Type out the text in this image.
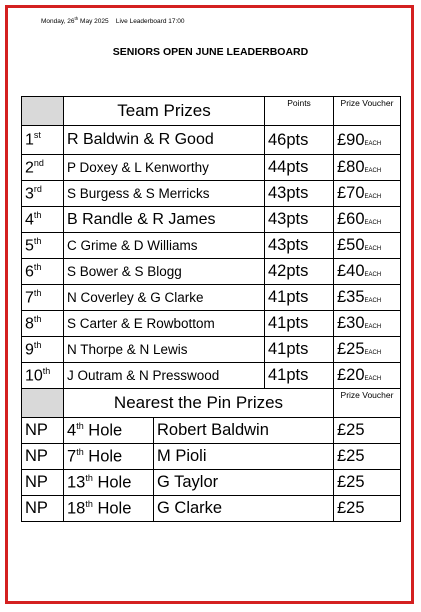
Monday, 26th May 2025 Live Leaderboard 17:00
SENIORS OPEN JUNE LEADERBOARD
	Team Prizes		Points	Prize Voucher
1st	R Baldwin & R Good		46pts	£90EACH
2nd	P Doxey & L Kenworthy		44pts	£80EACH
3rd	S Burgess & S Merricks		43pts	£70EACH
4th	B Randle & R James		43pts	£60EACH
5th	C Grime & D Williams		43pts	£50EACH
6th	S Bower & S Blogg		42pts	£40EACH
7th	N Coverley & G Clarke		41pts	£35EACH
8th	S Carter & E Rowbottom		41pts	£30EACH
9th	N Thorpe & N Lewis		41pts	£25EACH
10th	J Outram & N Presswood		41pts	£20EACH
	Nearest the Pin Prizes			Prize Voucher
NP	4th Hole	Robert Baldwin		£25
NP	7th Hole	M Pioli		£25
NP	13th Hole	G Taylor		£25
NP	18th Hole	G Clarke		£25
